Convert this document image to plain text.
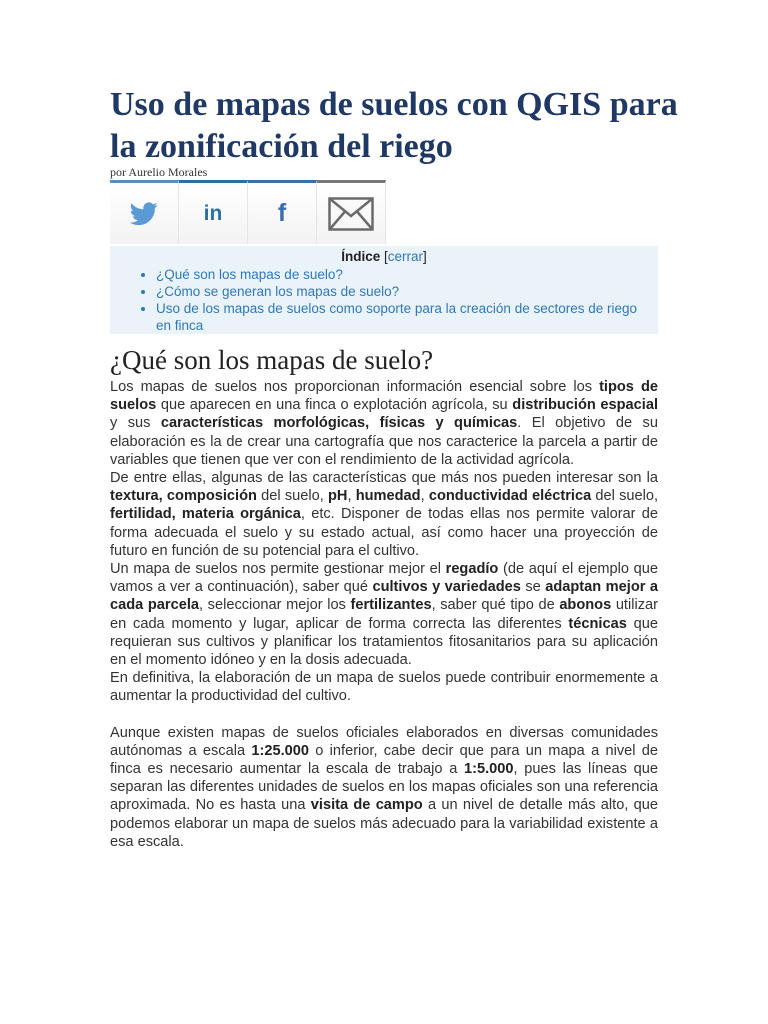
Uso de mapas de suelos con QGIS para la zonificación del riego
por Aurelio Morales
in f
Índice [cerrar]
• ¿Qué son los mapas de suelo?
• ¿Cómo se generan los mapas de suelo?
• Uso de los mapas de suelos como soporte para la creación de sectores de riego en finca
¿Qué son los mapas de suelo?

Los mapas de suelos nos proporcionan información esencial sobre los tipos de suelos que aparecen en una finca o explotación agrícola, su distribución espacial y sus características morfológicas, físicas y químicas. El objetivo de su elaboración es la de crear una cartografía que nos caracterice la parcela a partir de variables que tienen que ver con el rendimiento de la actividad agrícola.

De entre ellas, algunas de las características que más nos pueden interesar son la textura, composición del suelo, pH, humedad, conductividad eléctrica del suelo, fertilidad, materia orgánica, etc. Disponer de todas ellas nos permite valorar de forma adecuada el suelo y su estado actual, así como hacer una proyección de futuro en función de su potencial para el cultivo.

Un mapa de suelos nos permite gestionar mejor el regadío (de aquí el ejemplo que vamos a ver a continuación), saber qué cultivos y variedades se adaptan mejor a cada parcela, seleccionar mejor los fertilizantes, saber qué tipo de abonos utilizar en cada momento y lugar, aplicar de forma correcta las diferentes técnicas que requieran sus cultivos y planificar los tratamientos fitosanitarios para su aplicación en el momento idóneo y en la dosis adecuada.

En definitiva, la elaboración de un mapa de suelos puede contribuir enormemente a aumentar la productividad del cultivo.

Aunque existen mapas de suelos oficiales elaborados en diversas comunidades autónomas a escala 1:25.000 o inferior, cabe decir que para un mapa a nivel de finca es necesario aumentar la escala de trabajo a 1:5.000, pues las líneas que separan las diferentes unidades de suelos en los mapas oficiales son una referencia aproximada. No es hasta una visita de campo a un nivel de detalle más alto, que podemos elaborar un mapa de suelos más adecuado para la variabilidad existente a esa escala.
